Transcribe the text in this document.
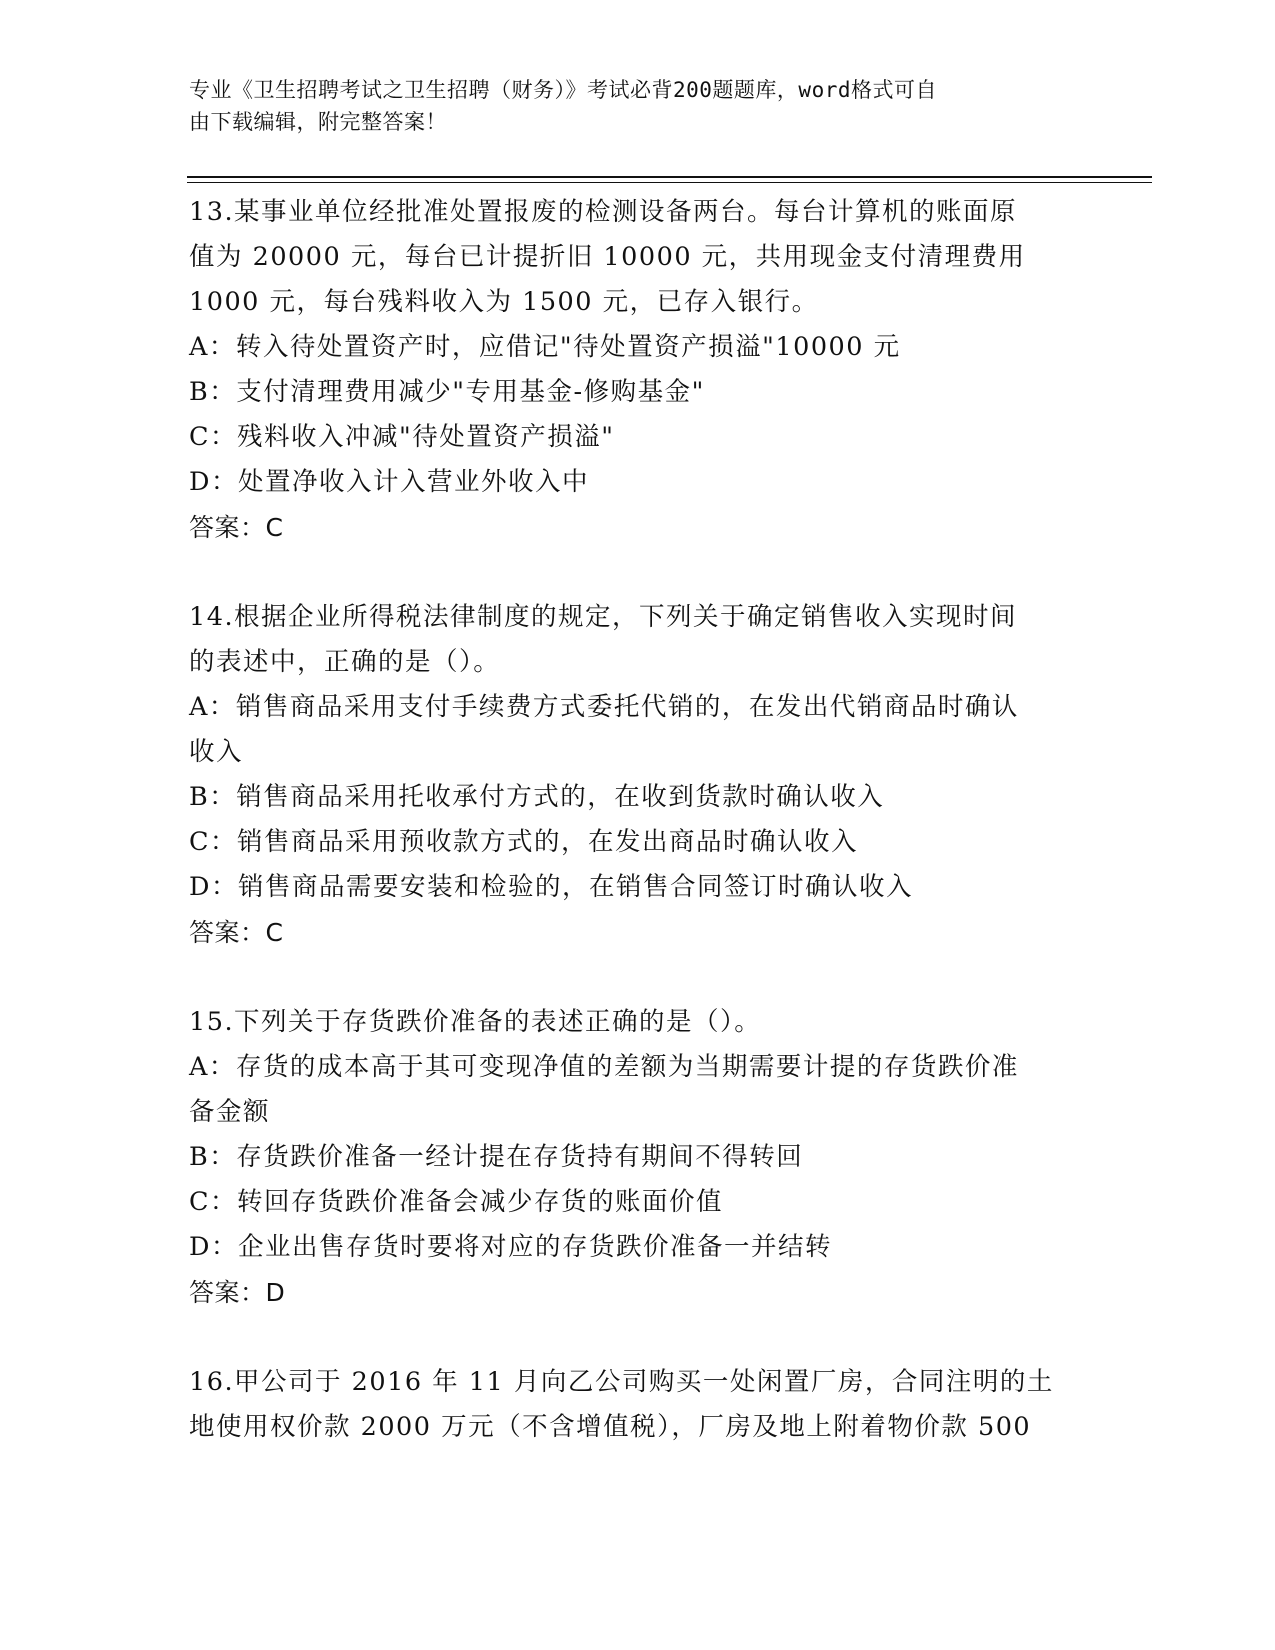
专业《卫生招聘考试之卫生招聘（财务）》考试必背200题题库，word格式可自
由下载编辑，附完整答案！
13.某事业单位经批准处置报废的检测设备两台。每台计算机的账面原
值为 20000 元，每台已计提折旧 10000 元，共用现金支付清理费用
1000 元，每台残料收入为 1500 元，已存入银行。
A：转入待处置资产时，应借记"待处置资产损溢"10000 元
B：支付清理费用减少"专用基金-修购基金"
C：残料收入冲减"待处置资产损溢"
D：处置净收入计入营业外收入中
答案：C
14.根据企业所得税法律制度的规定，下列关于确定销售收入实现时间
的表述中，正确的是（）。
A：销售商品采用支付手续费方式委托代销的，在发出代销商品时确认
收入
B：销售商品采用托收承付方式的，在收到货款时确认收入
C：销售商品采用预收款方式的，在发出商品时确认收入
D：销售商品需要安装和检验的，在销售合同签订时确认收入
答案：C
15.下列关于存货跌价准备的表述正确的是（）。
A：存货的成本高于其可变现净值的差额为当期需要计提的存货跌价准
备金额
B：存货跌价准备一经计提在存货持有期间不得转回
C：转回存货跌价准备会减少存货的账面价值
D：企业出售存货时要将对应的存货跌价准备一并结转
答案：D
16.甲公司于 2016 年 11 月向乙公司购买一处闲置厂房，合同注明的土
地使用权价款 2000 万元（不含增值税），厂房及地上附着物价款 500
